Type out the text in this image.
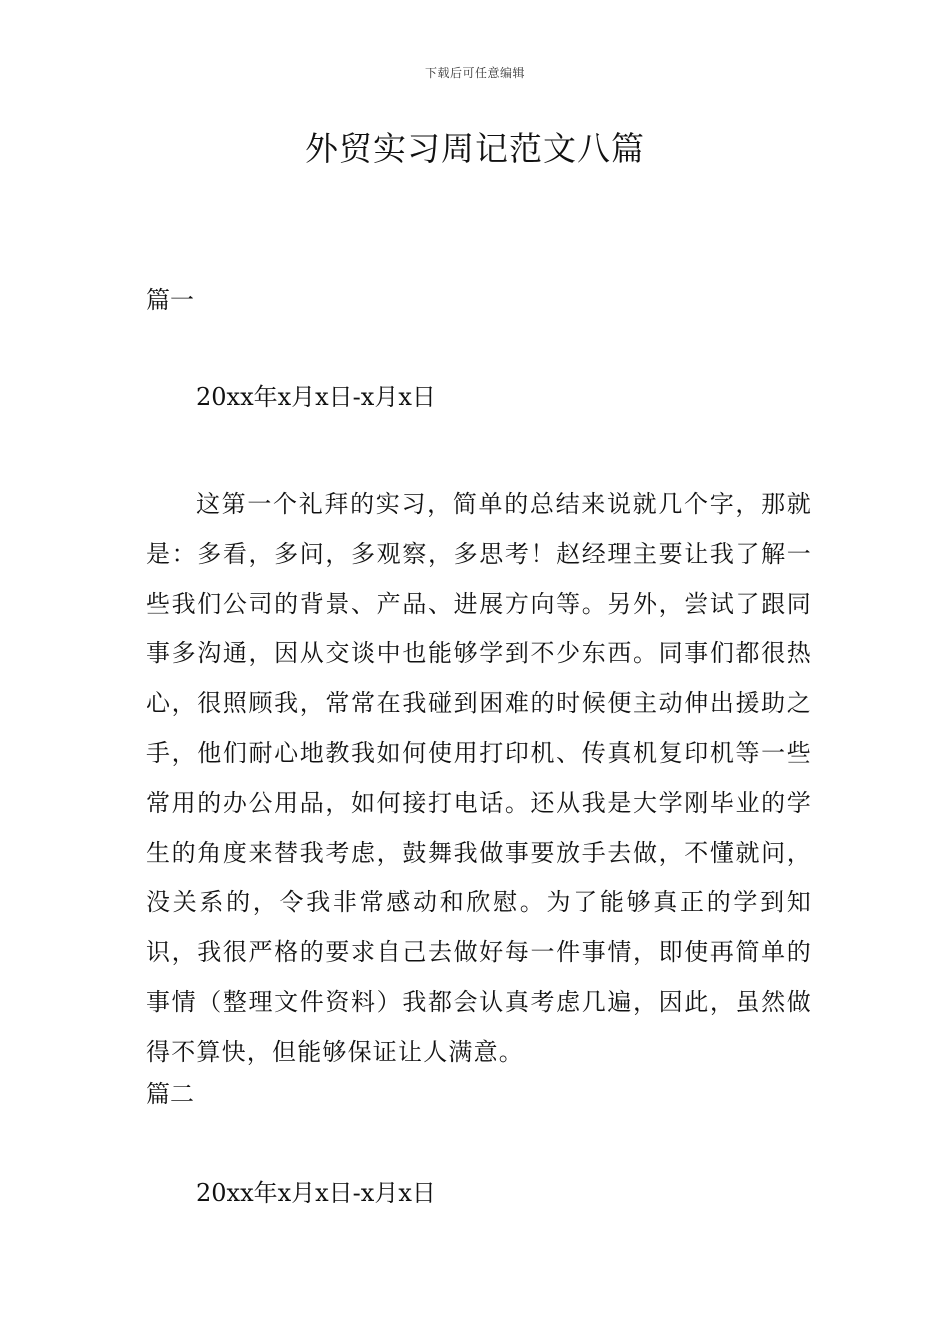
下载后可任意编辑
外贸实习周记范文八篇
篇一
20xx年x月x日-x月x日

这第一个礼拜的实习，简单的总结来说就几个字，那就是：多看，多问，多观察，多思考！赵经理主要让我了解一些我们公司的背景、产品、进展方向等。另外，尝试了跟同事多沟通，因从交谈中也能够学到不少东西。同事们都很热心，很照顾我，常常在我碰到困难的时候便主动伸出援助之手，他们耐心地教我如何使用打印机、传真机复印机等一些常用的办公用品，如何接打电话。还从我是大学刚毕业的学生的角度来替我考虑，鼓舞我做事要放手去做，不懂就问，没关系的，令我非常感动和欣慰。为了能够真正的学到知识，我很严格的要求自己去做好每一件事情，即使再简单的事情（整理文件资料）我都会认真考虑几遍，因此，虽然做得不算快，但能够保证让人满意。

篇二
20xx年x月x日-x月x日
